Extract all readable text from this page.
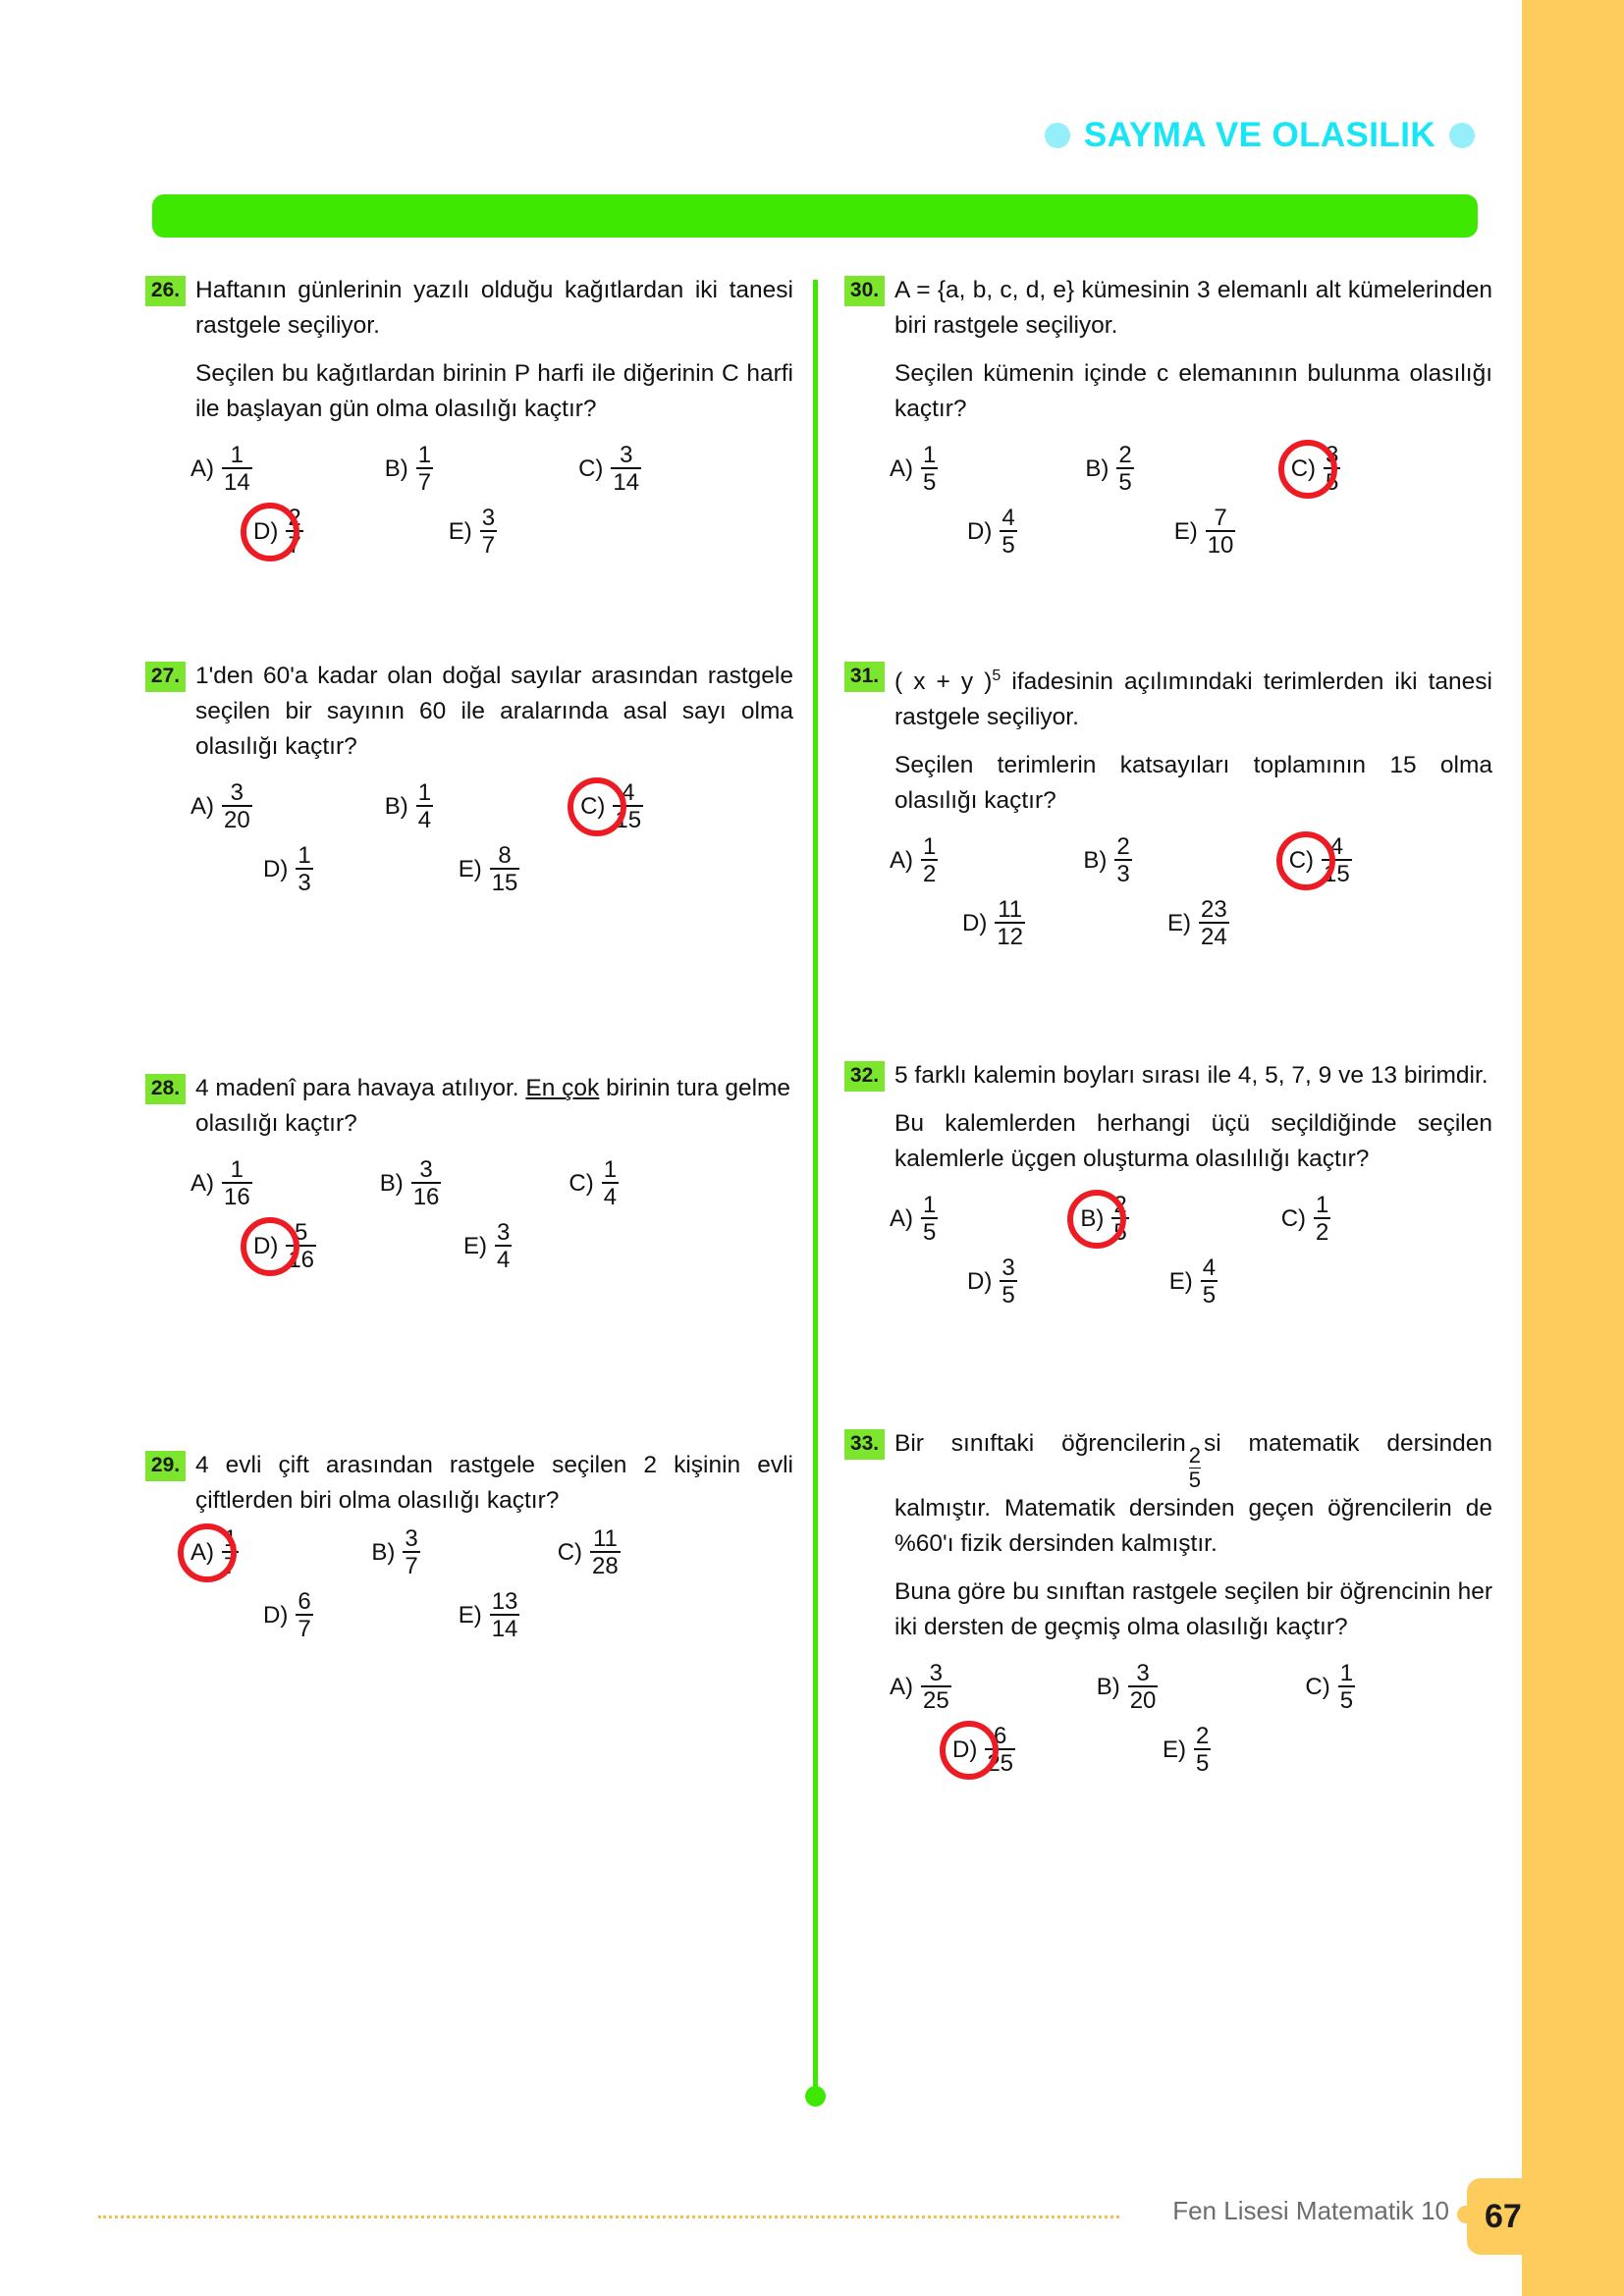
SAYMA VE OLASILIK
26. Haftanın günlerinin yazılı olduğu kağıtlardan iki tanesi rastgele seçiliyor.

Seçilen bu kağıtlardan birinin P harfi ile diğerinin C harfi ile başlayan gün olma olasılığı kaçtır?

$A) \frac{1}{14}$	$B) \frac{1}{7}$	$C) \frac{3}{14}$
$D) \frac{2}{7}$	$E) \frac{3}{7}$
27. 1'den 60'a kadar olan doğal sayılar arasından rastgele seçilen bir sayının 60 ile aralarında asal sayı olma olasılığı kaçtır?

$A) \frac{3}{20}$	$B) \frac{1}{4}$	$C) \frac{4}{15}$
$D) \frac{1}{3}$	$E) \frac{8}{15}$
28. 4 madenî para havaya atılıyor. En çok birinin tura gelme olasılığı kaçtır?

$A) \frac{1}{16}$	$B) \frac{3}{16}$	$C) \frac{1}{4}$
$D) \frac{5}{16}$	$E) \frac{3}{4}$
29. 4 evli çift arasından rastgele seçilen 2 kişinin evli çiftlerden biri olma olasılığı kaçtır?

$A) \frac{1}{7}$	$B) \frac{3}{7}$	$C) \frac{11}{28}$
$D) \frac{6}{7}$	$E) \frac{13}{14}$
30. A = {a, b, c, d, e} kümesinin 3 elemanlı alt kümelerinden biri rastgele seçiliyor.

Seçilen kümenin içinde c elemanının bulunma olasılığı kaçtır?

$A) \frac{1}{5}$	$B) \frac{2}{5}$	$C) \frac{3}{5}$
$D) \frac{4}{5}$	$E) \frac{7}{10}$
31. ( x + y )$^5$ ifadesinin açılımındaki terimlerden iki tanesi rastgele seçiliyor.

Seçilen terimlerin katsayıları toplamının 15 olma olasılığı kaçtır?

$A) \frac{1}{2}$	$B) \frac{2}{3}$	$C) \frac{4}{15}$
$D) \frac{11}{12}$	$E) \frac{23}{24}$
32. 5 farklı kalemin boyları sırası ile 4, 5, 7, 9 ve 13 birimdir.

Bu kalemlerden herhangi üçü seçildiğinde seçilen kalemlerle üçgen oluşturma olasılılığı kaçtır?

$A) \frac{1}{5}$	$B) \frac{2}{5}$	$C) \frac{1}{2}$
$D) \frac{3}{5}$	$E) \frac{4}{5}$
33. Bir sınıftaki öğrencilerin
$\frac{2}{5}$
si matematik dersinden kalmıştır. Matematik dersinden geçen öğrencilerin de %60'ı fizik dersinden kalmıştır.

Buna göre bu sınıftan rastgele seçilen bir öğrencinin her iki dersten de geçmiş olma olasılığı kaçtır?

$A) \frac{3}{25}$	$B) \frac{3}{20}$	$C) \frac{1}{5}$
$D) \frac{6}{25}$	$E) \frac{2}{5}$
Fen Lisesi Matematik 10 67
